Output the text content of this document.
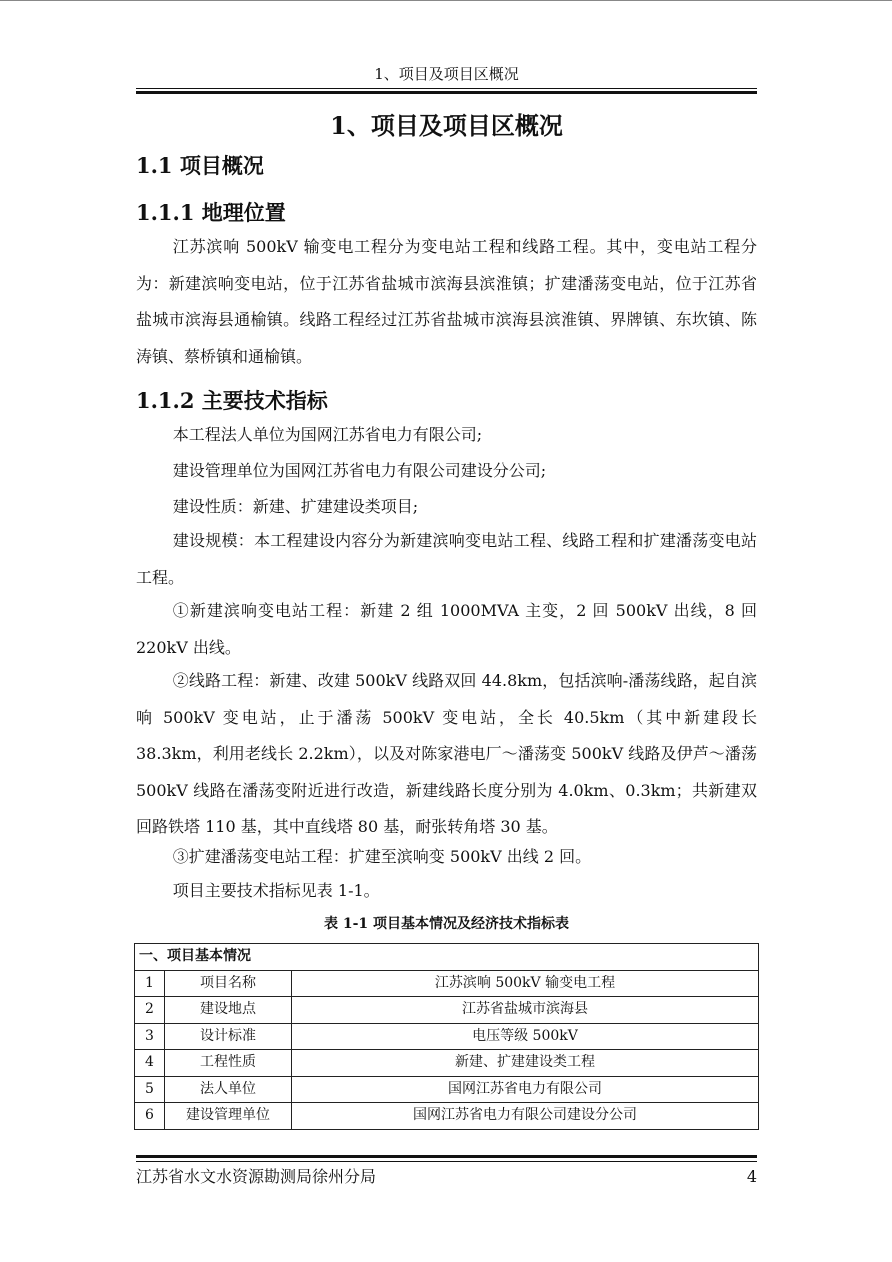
1、项目及项目区概况
1、项目及项目区概况
1.1 项目概况
1.1.1 地理位置

江苏滨响 500kV 输变电工程分为变电站工程和线路工程。其中，变电站工程分为：新建滨响变电站，位于江苏省盐城市滨海县滨淮镇；扩建潘荡变电站，位于江苏省盐城市滨海县通榆镇。线路工程经过江苏省盐城市滨海县滨淮镇、界牌镇、东坎镇、陈涛镇、蔡桥镇和通榆镇。

1.1.2 主要技术指标

本工程法人单位为国网江苏省电力有限公司;

建设管理单位为国网江苏省电力有限公司建设分公司;

建设性质：新建、扩建建设类项目;

建设规模：本工程建设内容分为新建滨响变电站工程、线路工程和扩建潘荡变电站工程。

①新建滨响变电站工程：新建 2 组 1000MVA 主变，2 回 500kV 出线，8 回 220kV 出线。

②线路工程：新建、改建 500kV 线路双回 44.8km，包括滨响-潘荡线路，起自滨响 500kV 变电站，止于潘荡 500kV 变电站，全长 40.5km（其中新建段长 38.3km，利用老线长 2.2km），以及对陈家港电厂～潘荡变 500kV 线路及伊芦～潘荡 500kV 线路在潘荡变附近进行改造，新建线路长度分别为 4.0km、0.3km；共新建双回路铁塔 110 基，其中直线塔 80 基，耐张转角塔 30 基。

③扩建潘荡变电站工程：扩建至滨响变 500kV 出线 2 回。

项目主要技术指标见表 1-1。

表 1-1 项目基本情况及经济技术指标表
一、项目基本情况		
1	项目名称	江苏滨响 500kV 输变电工程
2	建设地点	江苏省盐城市滨海县
3	设计标准	电压等级 500kV
4	工程性质	新建、扩建建设类工程
5	法人单位	国网江苏省电力有限公司
6	建设管理单位	国网江苏省电力有限公司建设分公司
江苏省水文水资源勘测局徐州分局	4
